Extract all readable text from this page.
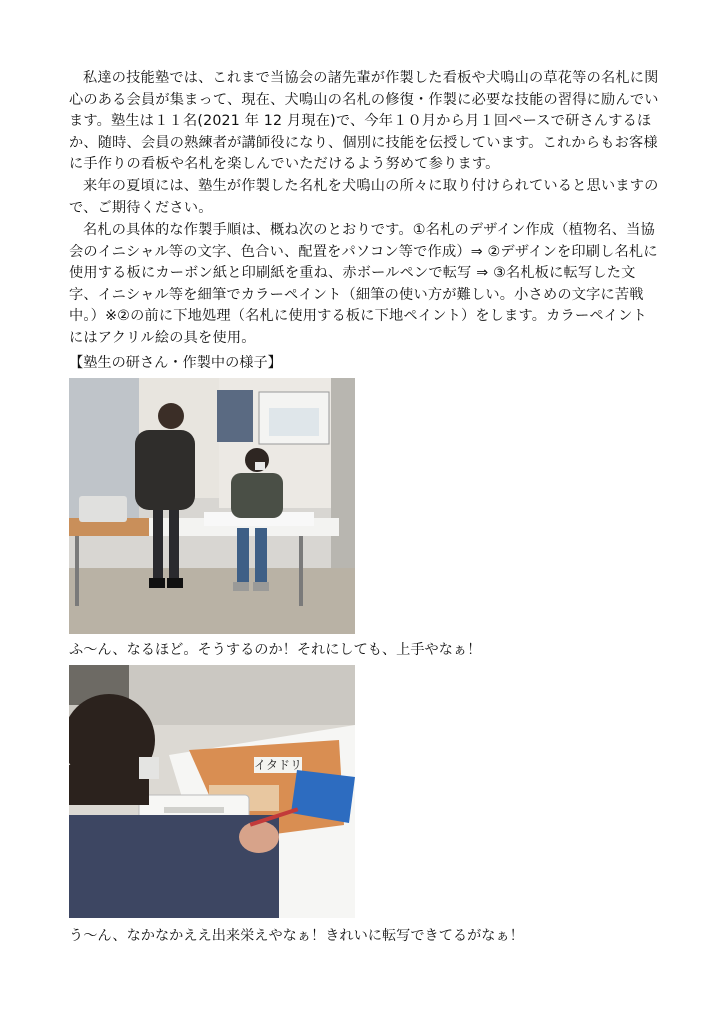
私達の技能塾では、これまで当協会の諸先輩が作製した看板や犬鳴山の草花等の名札に関心のある会員が集まって、現在、犬鳴山の名札の修復・作製に必要な技能の習得に励んでいます。塾生は１１名(2021 年 12 月現在)で、今年１０月から月１回ペースで研さんするほか、随時、会員の熟練者が講師役になり、個別に技能を伝授しています。これからもお客様に手作りの看板や名札を楽しんでいただけるよう努めて参ります。

来年の夏頃には、塾生が作製した名札を犬鳴山の所々に取り付けられていると思いますので、ご期待ください。

名札の具体的な作製手順は、概ね次のとおりです。①名札のデザイン作成（植物名、当協会のイニシャル等の文字、色合い、配置をパソコン等で作成）⇒ ②デザインを印刷し名札に使用する板にカーボン紙と印刷紙を重ね、赤ボールペンで転写 ⇒ ③名札板に転写した文字、イニシャル等を細筆でカラーペイント（細筆の使い方が難しい。小さめの文字に苦戦中。）※②の前に下地処理（名札に使用する板に下地ペイント）をします。カラーペイントにはアクリル絵の具を使用。

【塾生の研さん・作製中の様子】

ふ～ん、なるほど。そうするのか！それにしても、上手やなぁ！

イタドリ

う～ん、なかなかええ出来栄えやなぁ！きれいに転写できてるがなぁ！
